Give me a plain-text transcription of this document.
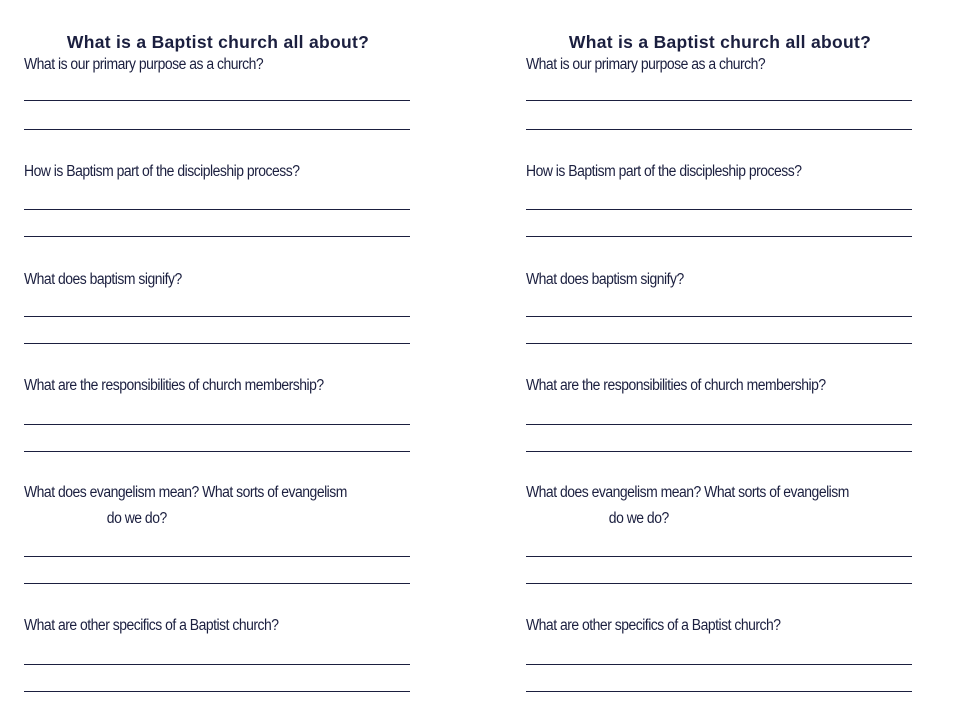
What is a Baptist church all about?
What is our primary purpose as a church?
How is Baptism part of the discipleship process?
What does baptism signify?
What are the responsibilities of church membership?
What does evangelism mean? What sorts of evangelism
do we do?
What are other specifics of a Baptist church?
What is a Baptist church all about?
What is our primary purpose as a church?
How is Baptism part of the discipleship process?
What does baptism signify?
What are the responsibilities of church membership?
What does evangelism mean? What sorts of evangelism
do we do?
What are other specifics of a Baptist church?
